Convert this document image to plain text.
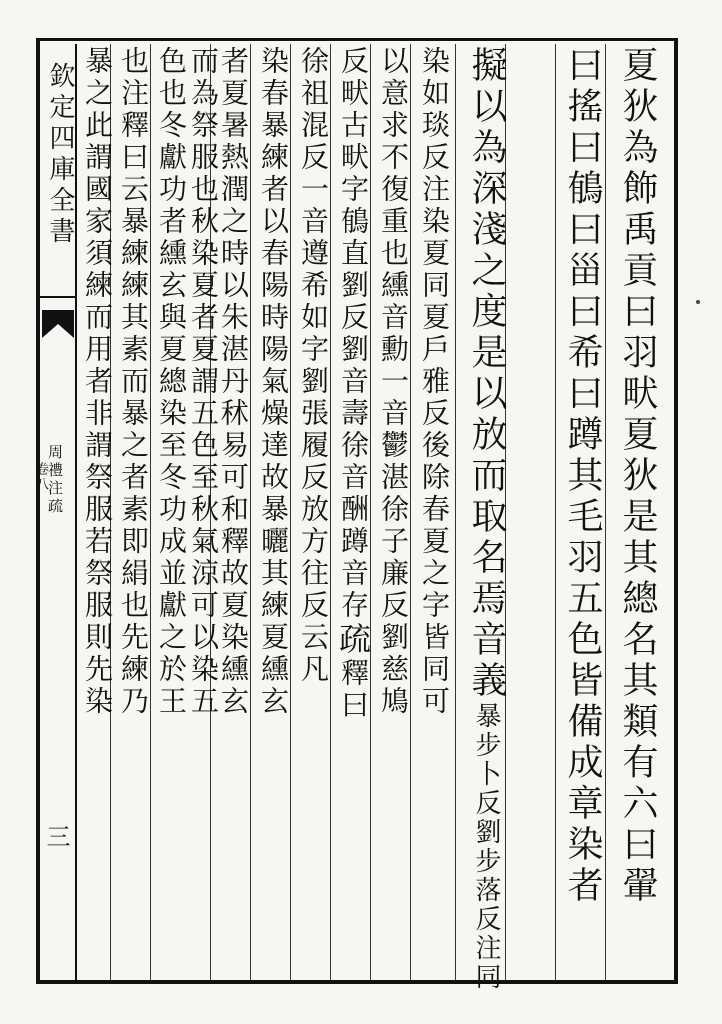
欽定四庫全書
周禮注疏
卷八
三	夏狄為飾禹貢曰羽畎夏狄是其總名其類有六曰翬
曰搖曰䳑曰甾曰希曰蹲其毛羽五色皆備成章染者
擬以為深淺之度是以放而取名焉音義暴步卜反劉步落反注同
染如琰反注染夏同夏戶雅反後除春夏之字皆同可
以意求不復重也纁音勳一音鬱湛徐子廉反劉慈鳩
反畎古畎字䳑直劉反劉音壽徐音酬蹲音存疏釋曰
徐祖混反一音遵希如字劉張履反放方往反云凡
染春暴練者以春陽時陽氣燥達故暴曬其練夏纁玄
者夏暑熱潤之時以朱湛丹秫易可和釋故夏染纁玄
而為祭服也秋染夏者夏謂五色至秋氣涼可以染五
色也冬獻功者纁玄與夏總染至冬功成並獻之於王
也注釋曰云暴練練其素而暴之者素即絹也先練乃
暴之此謂國家須練而用者非謂祭服若祭服則先染
